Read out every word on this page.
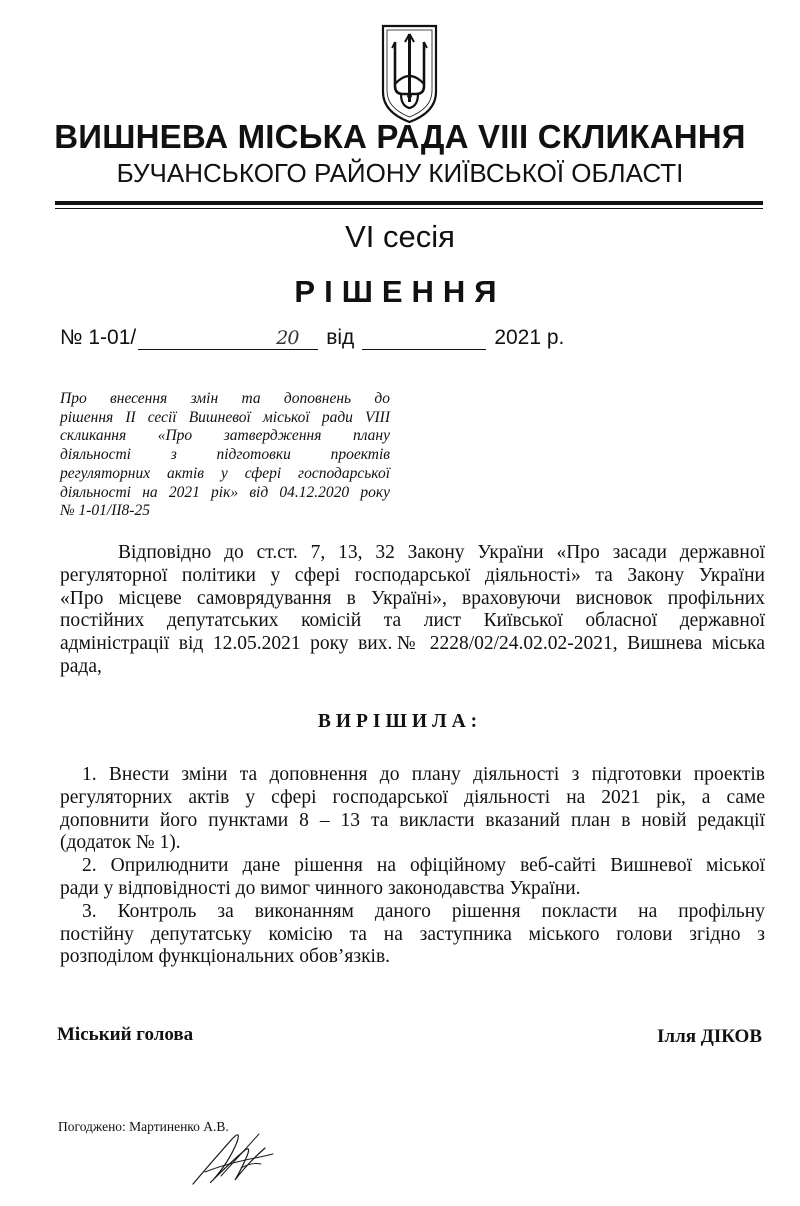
ВИШНЕВА МІСЬКА РАДА VIII СКЛИКАННЯ
БУЧАНСЬКОГО РАЙОНУ КИЇВСЬКОЇ ОБЛАСТІ
VI сесія
РІШЕННЯ
№ 1-01/	20 від	2021 р.
Про внесення змін та доповнень до
рішення ІІ сесії Вишневої міської ради VIII
скликання «Про затвердження плану
діяльності з підготовки проектів
регуляторних актів у сфері господарської
діяльності на 2021 рік» від 04.12.2020 року
№ 1-01/ІІ8-25
Відповідно до ст.ст. 7, 13, 32 Закону України «Про засади державної
регуляторної політики у сфері господарської діяльності» та Закону України
«Про місцеве самоврядування в Україні», враховуючи висновок профільних
постійних депутатських комісій та лист Київської обласної державної
адміністрації від 12.05.2021 року вих.№ 2228/02/24.02.02-2021, Вишнева міська
рада,
ВИРІШИЛА:
1. Внести зміни та доповнення до плану діяльності з підготовки проектів
регуляторних актів у сфері господарської діяльності на 2021 рік, а саме
доповнити його пунктами 8 – 13 та викласти вказаний план в новій редакції
(додаток № 1).
2. Оприлюднити дане рішення на офіційному веб-сайті Вишневої міської
ради у відповідності до вимог чинного законодавства України.
3. Контроль за виконанням даного рішення покласти на профільну
постійну депутатську комісію та на заступника міського голови згідно з
розподілом функціональних обов’язків.
Міський голова	Ілля ДІКОВ
Погоджено: Мартиненко А.В.
